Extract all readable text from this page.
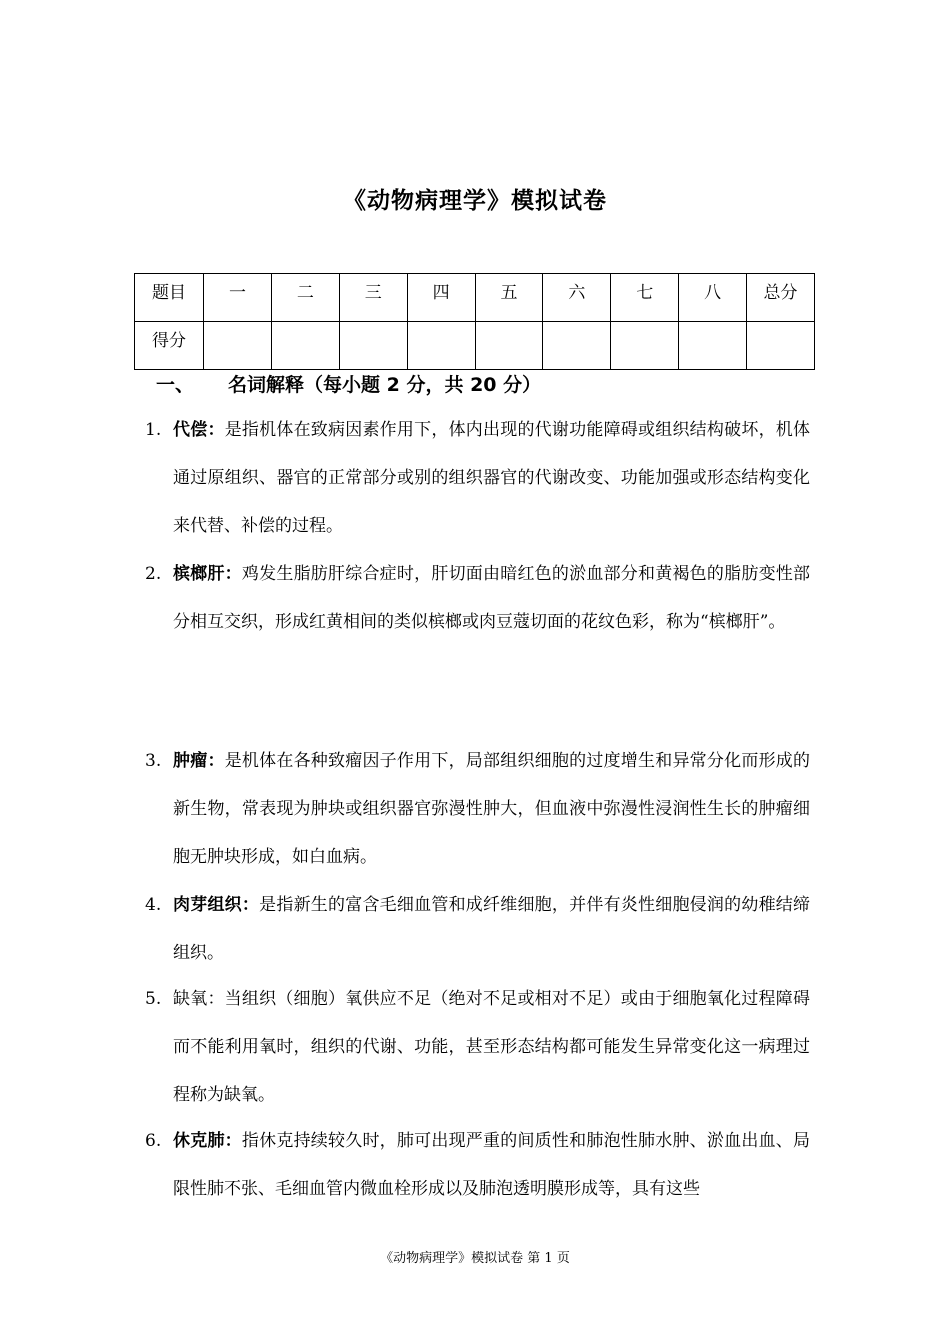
《动物病理学》模拟试卷
题目	一	二	三	四	五	六	七	八	总分
得分									
一、 名词解释（每小题 2 分，共 20 分）
1. 代偿：是指机体在致病因素作用下，体内出现的代谢功能障碍或组织结构破坏，机体通过原组织、器官的正常部分或别的组织器官的代谢改变、功能加强或形态结构变化来代替、补偿的过程。
2. 槟榔肝：鸡发生脂肪肝综合症时，肝切面由暗红色的淤血部分和黄褐色的脂肪变性部分相互交织，形成红黄相间的类似槟榔或肉豆蔻切面的花纹色彩，称为“槟榔肝”。
3. 肿瘤：是机体在各种致瘤因子作用下，局部组织细胞的过度增生和异常分化而形成的新生物，常表现为肿块或组织器官弥漫性肿大，但血液中弥漫性浸润性生长的肿瘤细胞无肿块形成，如白血病。
4. 肉芽组织：是指新生的富含毛细血管和成纤维细胞，并伴有炎性细胞侵润的幼稚结缔组织。
5. 缺氧：当组织（细胞）氧供应不足（绝对不足或相对不足）或由于细胞氧化过程障碍而不能利用氧时，组织的代谢、功能，甚至形态结构都可能发生异常变化这一病理过程称为缺氧。
6. 休克肺：指休克持续较久时，肺可出现严重的间质性和肺泡性肺水肿、淤血出血、局限性肺不张、毛细血管内微血栓形成以及肺泡透明膜形成等，具有这些
《动物病理学》模拟试卷 第 1 页
